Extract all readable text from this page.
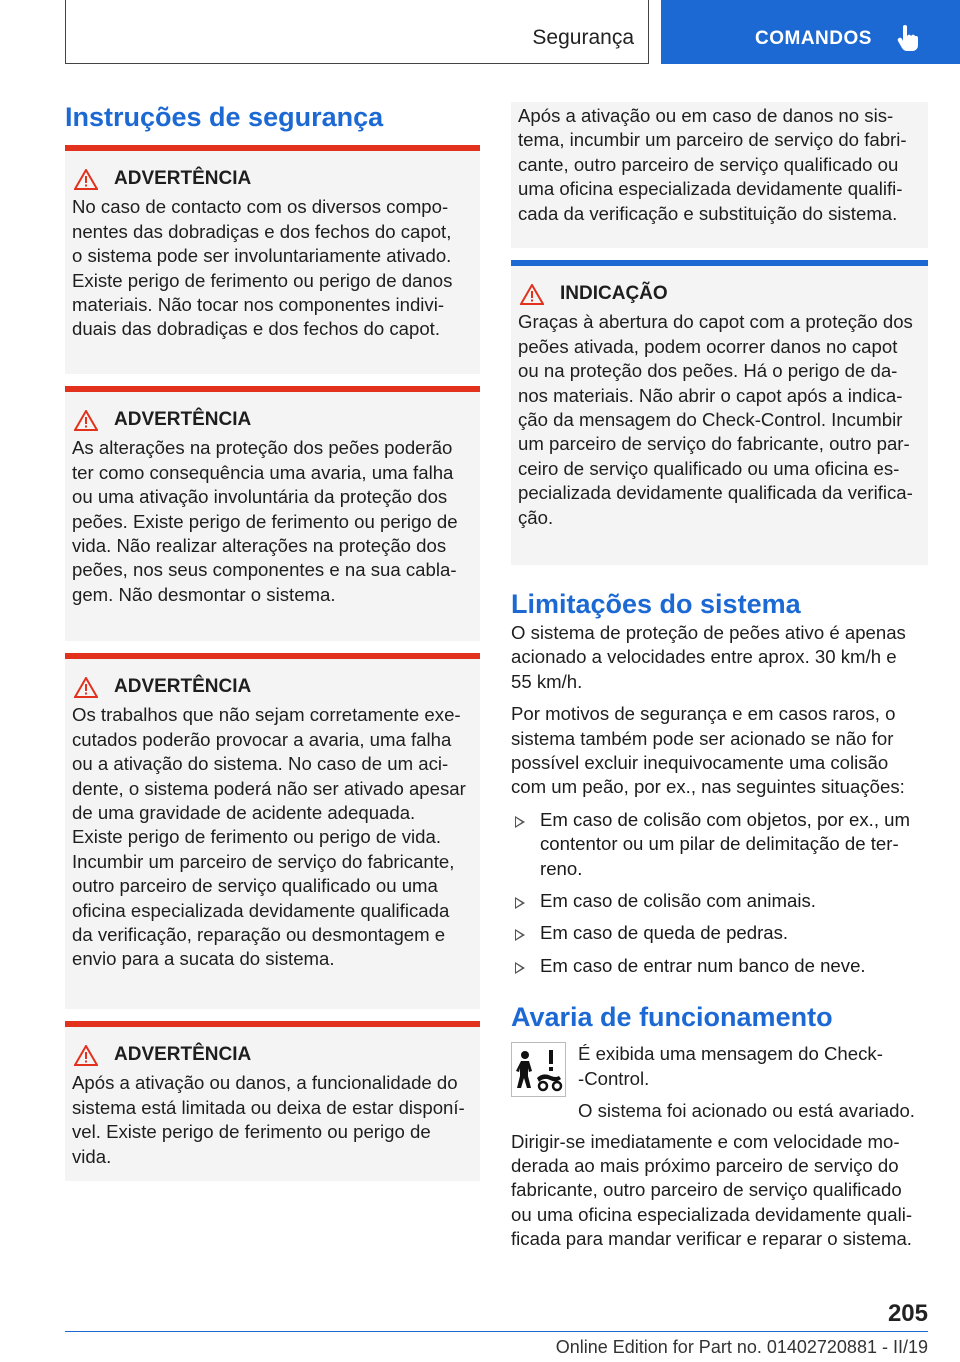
Segurança	COMANDOS
Instruções de segurança
ADVERTÊNCIA

No caso de contacto com os diversos compo-

nentes das dobradiças e dos fechos do capot,

o sistema pode ser involuntariamente ativado.

Existe perigo de ferimento ou perigo de danos

materiais. Não tocar nos componentes indivi-

duais das dobradiças e dos fechos do capot.

ADVERTÊNCIA

As alterações na proteção dos peões poderão

ter como consequência uma avaria, uma falha

ou uma ativação involuntária da proteção dos

peões. Existe perigo de ferimento ou perigo de

vida. Não realizar alterações na proteção dos

peões, nos seus componentes e na sua cabla-

gem. Não desmontar o sistema.

ADVERTÊNCIA

Os trabalhos que não sejam corretamente exe-

cutados poderão provocar a avaria, uma falha

ou a ativação do sistema. No caso de um aci-

dente, o sistema poderá não ser ativado apesar

de uma gravidade de acidente adequada.

Existe perigo de ferimento ou perigo de vida.

Incumbir um parceiro de serviço do fabricante,

outro parceiro de serviço qualificado ou uma

oficina especializada devidamente qualificada

da verificação, reparação ou desmontagem e

envio para a sucata do sistema.

ADVERTÊNCIA

Após a ativação ou danos, a funcionalidade do

sistema está limitada ou deixa de estar disponí-

vel. Existe perigo de ferimento ou perigo de

vida.

Após a ativação ou em caso de danos no sis-

tema, incumbir um parceiro de serviço do fabri-

cante, outro parceiro de serviço qualificado ou

uma oficina especializada devidamente qualifi-

cada da verificação e substituição do sistema.

INDICAÇÃO

Graças à abertura do capot com a proteção dos

peões ativada, podem ocorrer danos no capot

ou na proteção dos peões. Há o perigo de da-

nos materiais. Não abrir o capot após a indica-

ção da mensagem do Check-Control. Incumbir

um parceiro de serviço do fabricante, outro par-

ceiro de serviço qualificado ou uma oficina es-

pecializada devidamente qualificada da verifica-

ção.

Limitações do sistema

O sistema de proteção de peões ativo é apenas

acionado a velocidades entre aprox. 30 km/h e

55 km/h.

Por motivos de segurança e em casos raros, o

sistema também pode ser acionado se não for

possível excluir inequivocamente uma colisão

com um peão, por ex., nas seguintes situações:

Em caso de colisão com objetos, por ex., um

contentor ou um pilar de delimitação de ter-

reno.

Em caso de colisão com animais.

Em caso de queda de pedras.

Em caso de entrar num banco de neve.

Avaria de funcionamento

É exibida uma mensagem do Check-

-Control.

O sistema foi acionado ou está avariado.

Dirigir-se imediatamente e com velocidade mo-

derada ao mais próximo parceiro de serviço do

fabricante, outro parceiro de serviço qualificado

ou uma oficina especializada devidamente quali-

ficada para mandar verificar e reparar o sistema.

205
Online Edition for Part no. 01402720881 - II/19
